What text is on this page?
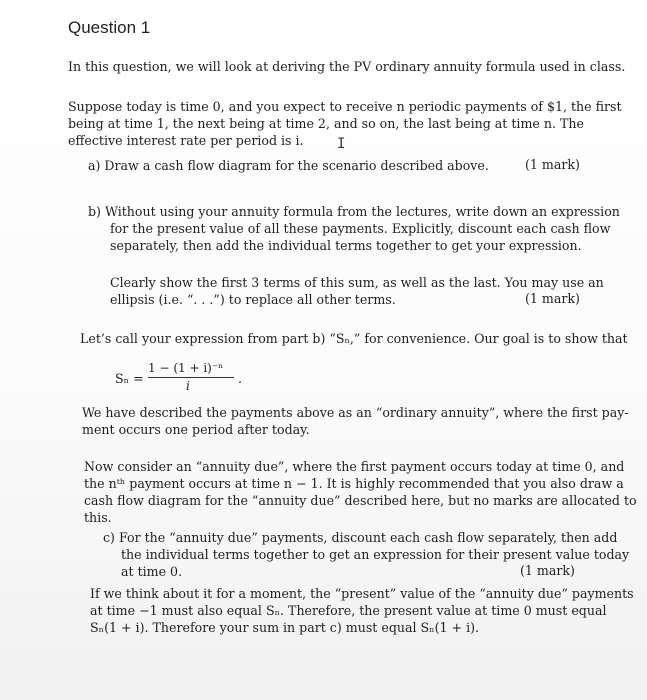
Question 1
In this question, we will look at deriving the PV ordinary annuity formula used in class.
Suppose today is time 0, and you expect to receive n periodic payments of $1, the first
being at time 1, the next being at time 2, and so on, the last being at time n. The
effective interest rate per period is i. I
a) Draw a cash flow diagram for the scenario described above.	(1 mark)
b) Without using your annuity formula from the lectures, write down an expression
for the present value of all these payments. Explicitly, discount each cash flow
separately, then add the individual terms together to get your expression.
Clearly show the first 3 terms of this sum, as well as the last. You may use an
ellipsis (i.e. “. . .”) to replace all other terms.	(1 mark)
Let’s call your expression from part b) “Sₙ,” for convenience. Our goal is to show that
Sₙ =
1 − (1 + i)⁻ⁿ
i	.
We have described the payments above as an “ordinary annuity”, where the first pay-
ment occurs one period after today.
Now consider an “annuity due”, where the first payment occurs today at time 0, and
the nᵗʰ payment occurs at time n − 1. It is highly recommended that you also draw a
cash flow diagram for the “annuity due” described here, but no marks are allocated to
this.
c) For the “annuity due” payments, discount each cash flow separately, then add
the individual terms together to get an expression for their present value today
at time 0.	(1 mark)
If we think about it for a moment, the “present” value of the “annuity due” payments
at time −1 must also equal Sₙ. Therefore, the present value at time 0 must equal
Sₙ(1 + i). Therefore your sum in part c) must equal Sₙ(1 + i).
